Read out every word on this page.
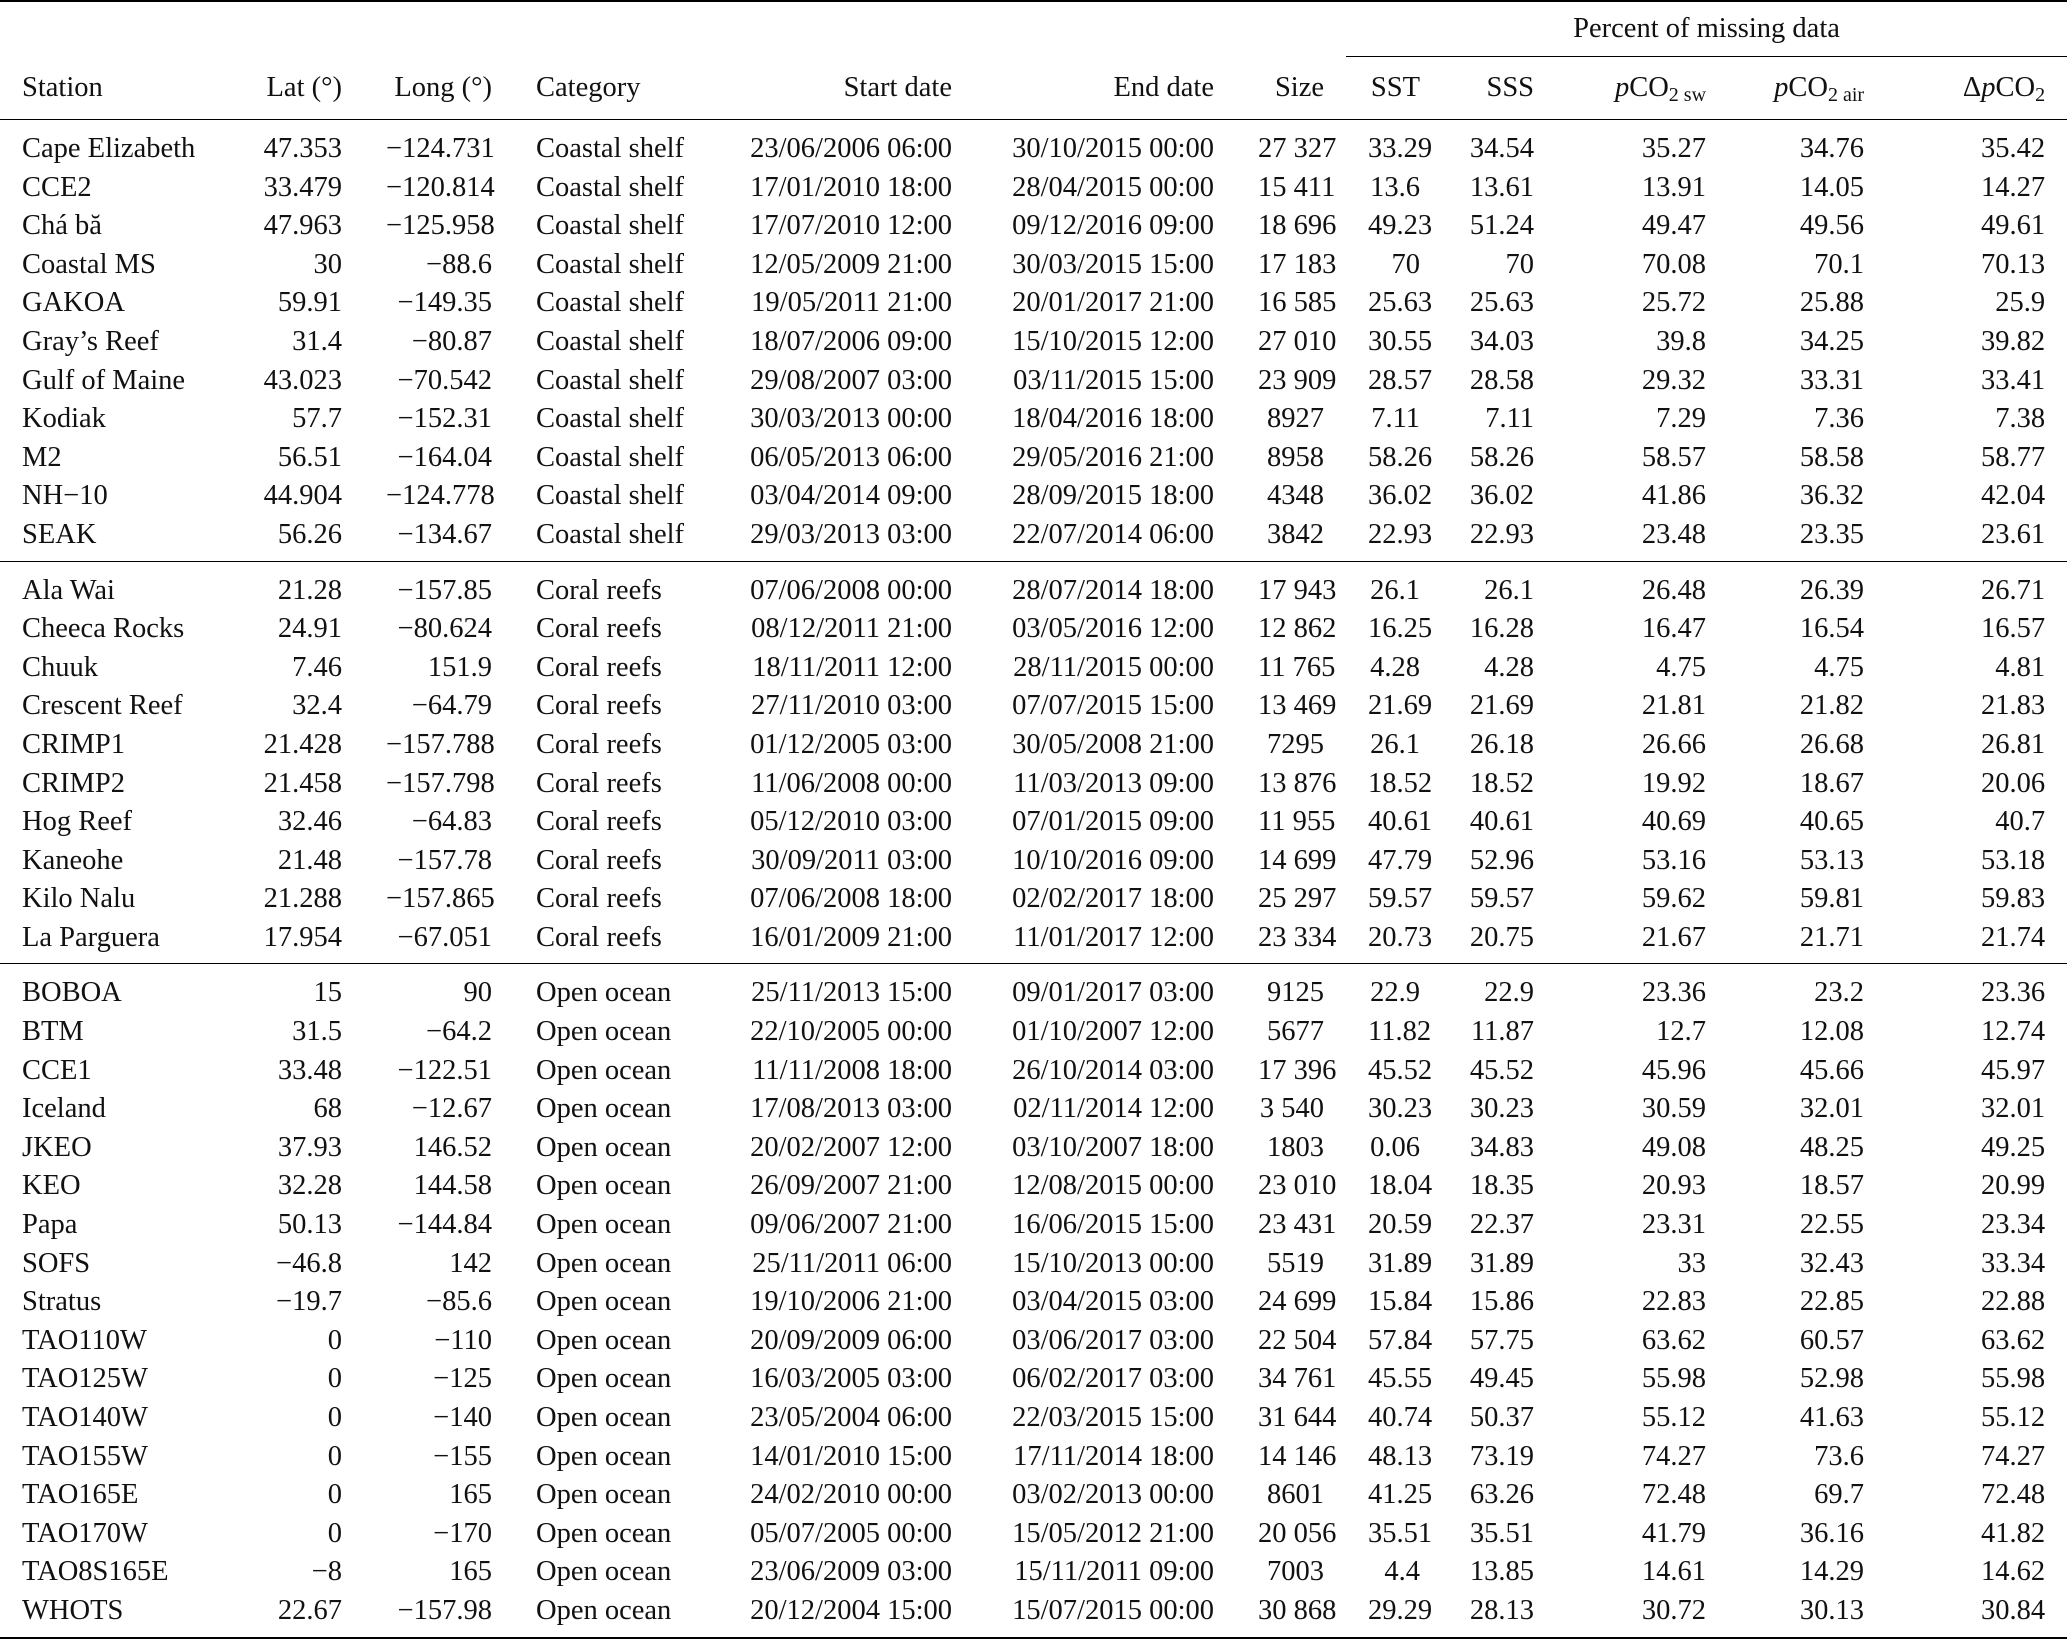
							Percent of missing data				
Station	Lat (°)	Long (°)	Category	Start date	End date	Size	SST	SSS	pCO$_{2 sw}$	pCO$_{2 air}$	ΔpCO$_2$
Cape Elizabeth	47.353	−124.731	Coastal shelf	23/06/2006 06:00	30/10/2015 00:00	27 327	33.29	34.54	35.27	34.76	35.42
CCE2	33.479	−120.814	Coastal shelf	17/01/2010 18:00	28/04/2015 00:00	15 411	13.6	13.61	13.91	14.05	14.27
Chá bă	47.963	−125.958	Coastal shelf	17/07/2010 12:00	09/12/2016 09:00	18 696	49.23	51.24	49.47	49.56	49.61
Coastal MS	30	−88.6	Coastal shelf	12/05/2009 21:00	30/03/2015 15:00	17 183	70	70	70.08	70.1	70.13
GAKOA	59.91	−149.35	Coastal shelf	19/05/2011 21:00	20/01/2017 21:00	16 585	25.63	25.63	25.72	25.88	25.9
Gray’s Reef	31.4	−80.87	Coastal shelf	18/07/2006 09:00	15/10/2015 12:00	27 010	30.55	34.03	39.8	34.25	39.82
Gulf of Maine	43.023	−70.542	Coastal shelf	29/08/2007 03:00	03/11/2015 15:00	23 909	28.57	28.58	29.32	33.31	33.41
Kodiak	57.7	−152.31	Coastal shelf	30/03/2013 00:00	18/04/2016 18:00	8927	7.11	7.11	7.29	7.36	7.38
M2	56.51	−164.04	Coastal shelf	06/05/2013 06:00	29/05/2016 21:00	8958	58.26	58.26	58.57	58.58	58.77
NH−10	44.904	−124.778	Coastal shelf	03/04/2014 09:00	28/09/2015 18:00	4348	36.02	36.02	41.86	36.32	42.04
SEAK	56.26	−134.67	Coastal shelf	29/03/2013 03:00	22/07/2014 06:00	3842	22.93	22.93	23.48	23.35	23.61
Ala Wai	21.28	−157.85	Coral reefs	07/06/2008 00:00	28/07/2014 18:00	17 943	26.1	26.1	26.48	26.39	26.71
Cheeca Rocks	24.91	−80.624	Coral reefs	08/12/2011 21:00	03/05/2016 12:00	12 862	16.25	16.28	16.47	16.54	16.57
Chuuk	7.46	151.9	Coral reefs	18/11/2011 12:00	28/11/2015 00:00	11 765	4.28	4.28	4.75	4.75	4.81
Crescent Reef	32.4	−64.79	Coral reefs	27/11/2010 03:00	07/07/2015 15:00	13 469	21.69	21.69	21.81	21.82	21.83
CRIMP1	21.428	−157.788	Coral reefs	01/12/2005 03:00	30/05/2008 21:00	7295	26.1	26.18	26.66	26.68	26.81
CRIMP2	21.458	−157.798	Coral reefs	11/06/2008 00:00	11/03/2013 09:00	13 876	18.52	18.52	19.92	18.67	20.06
Hog Reef	32.46	−64.83	Coral reefs	05/12/2010 03:00	07/01/2015 09:00	11 955	40.61	40.61	40.69	40.65	40.7
Kaneohe	21.48	−157.78	Coral reefs	30/09/2011 03:00	10/10/2016 09:00	14 699	47.79	52.96	53.16	53.13	53.18
Kilo Nalu	21.288	−157.865	Coral reefs	07/06/2008 18:00	02/02/2017 18:00	25 297	59.57	59.57	59.62	59.81	59.83
La Parguera	17.954	−67.051	Coral reefs	16/01/2009 21:00	11/01/2017 12:00	23 334	20.73	20.75	21.67	21.71	21.74
BOBOA	15	90	Open ocean	25/11/2013 15:00	09/01/2017 03:00	9125	22.9	22.9	23.36	23.2	23.36
BTM	31.5	−64.2	Open ocean	22/10/2005 00:00	01/10/2007 12:00	5677	11.82	11.87	12.7	12.08	12.74
CCE1	33.48	−122.51	Open ocean	11/11/2008 18:00	26/10/2014 03:00	17 396	45.52	45.52	45.96	45.66	45.97
Iceland	68	−12.67	Open ocean	17/08/2013 03:00	02/11/2014 12:00	3 540	30.23	30.23	30.59	32.01	32.01
JKEO	37.93	146.52	Open ocean	20/02/2007 12:00	03/10/2007 18:00	1803	0.06	34.83	49.08	48.25	49.25
KEO	32.28	144.58	Open ocean	26/09/2007 21:00	12/08/2015 00:00	23 010	18.04	18.35	20.93	18.57	20.99
Papa	50.13	−144.84	Open ocean	09/06/2007 21:00	16/06/2015 15:00	23 431	20.59	22.37	23.31	22.55	23.34
SOFS	−46.8	142	Open ocean	25/11/2011 06:00	15/10/2013 00:00	5519	31.89	31.89	33	32.43	33.34
Stratus	−19.7	−85.6	Open ocean	19/10/2006 21:00	03/04/2015 03:00	24 699	15.84	15.86	22.83	22.85	22.88
TAO110W	0	−110	Open ocean	20/09/2009 06:00	03/06/2017 03:00	22 504	57.84	57.75	63.62	60.57	63.62
TAO125W	0	−125	Open ocean	16/03/2005 03:00	06/02/2017 03:00	34 761	45.55	49.45	55.98	52.98	55.98
TAO140W	0	−140	Open ocean	23/05/2004 06:00	22/03/2015 15:00	31 644	40.74	50.37	55.12	41.63	55.12
TAO155W	0	−155	Open ocean	14/01/2010 15:00	17/11/2014 18:00	14 146	48.13	73.19	74.27	73.6	74.27
TAO165E	0	165	Open ocean	24/02/2010 00:00	03/02/2013 00:00	8601	41.25	63.26	72.48	69.7	72.48
TAO170W	0	−170	Open ocean	05/07/2005 00:00	15/05/2012 21:00	20 056	35.51	35.51	41.79	36.16	41.82
TAO8S165E	−8	165	Open ocean	23/06/2009 03:00	15/11/2011 09:00	7003	4.4	13.85	14.61	14.29	14.62
WHOTS	22.67	−157.98	Open ocean	20/12/2004 15:00	15/07/2015 00:00	30 868	29.29	28.13	30.72	30.13	30.84
